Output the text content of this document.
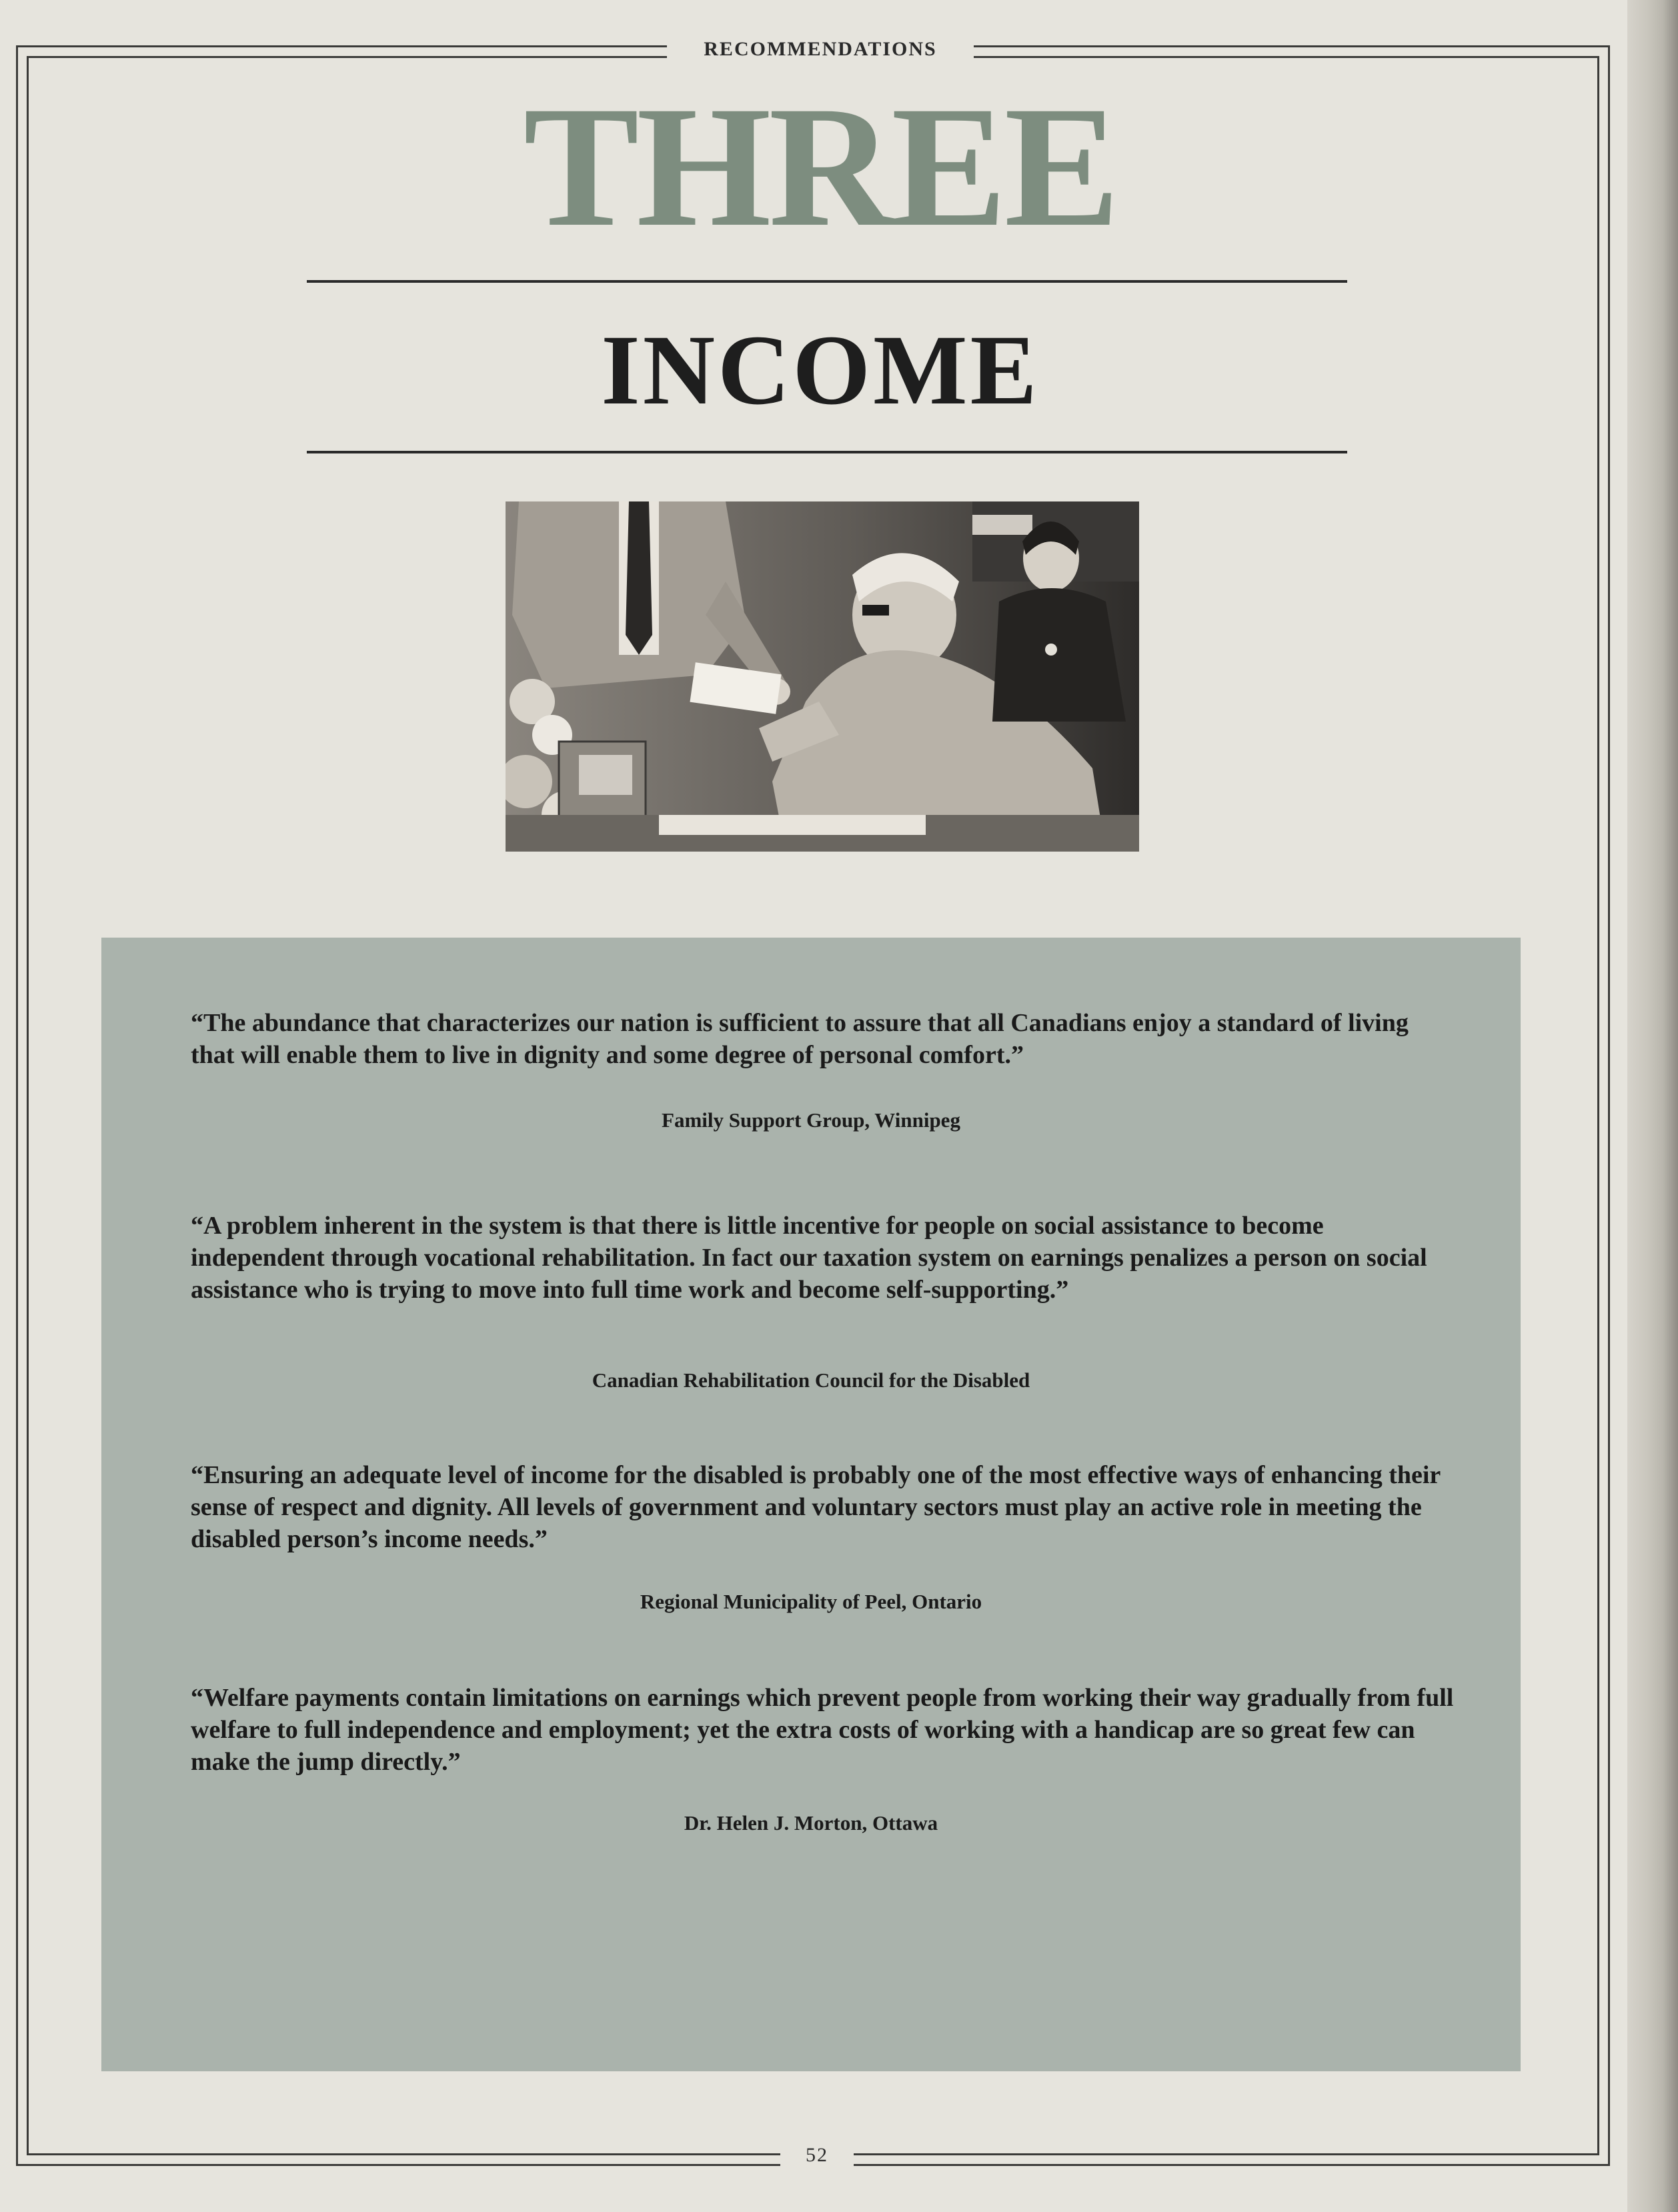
RECOMMENDATIONS
THREE
INCOME
“The abundance that characterizes our nation is sufficient to assure that all Canadians enjoy a standard of living that will enable them to live in dignity and some degree of personal comfort.”
Family Support Group, Winnipeg
“A problem inherent in the system is that there is little incentive for people on social assistance to become independent through vocational rehabilitation. In fact our taxation system on earnings penalizes a person on social assistance who is trying to move into full time work and become self-supporting.”
Canadian Rehabilitation Council for the Disabled
“Ensuring an adequate level of income for the disabled is probably one of the most effective ways of enhancing their sense of respect and dignity. All levels of government and voluntary sectors must play an active role in meeting the disabled person’s income needs.”
Regional Municipality of Peel, Ontario
“Welfare payments contain limitations on earnings which prevent people from working their way gradually from full welfare to full independence and employment; yet the extra costs of working with a handicap are so great few can make the jump directly.”
Dr. Helen J. Morton, Ottawa
52
